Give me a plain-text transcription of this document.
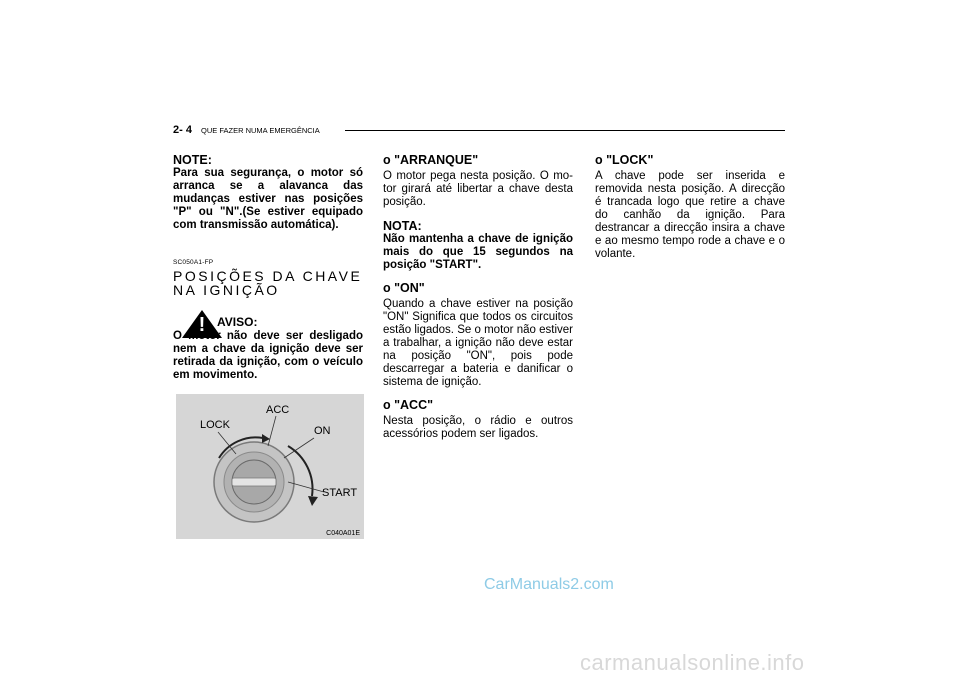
2- 4 QUE FAZER NUMA EMERGÊNCIA
NOTE:
Para sua segurança, o motor só arranca se a alavanca das mudanças estiver nas posições "P" ou "N".(Se estiver equipado com transmissão automática).
SC050A1-FP
POSIÇÕES DA CHAVE NA IGNIÇÃO
! AVISO:
O motor não deve ser desligado nem a chave da ignição deve ser retirada da ignição, com o veículo em movimento.
LOCK
ACC
ON
START
C040A01E
o "ARRANQUE"
O motor pega nesta posição. O mo- tor girará até libertar a chave desta posição.
NOTA:
Não mantenha a chave de ignição mais do que 15 segundos na posição "START".
o "ON"
Quando a chave estiver na posição "ON" Significa que todos os circuitos estão ligados. Se o motor não estiver a trabalhar, a ignição não deve estar na posição "ON", pois pode descarregar a bateria e danificar o sistema de ignição.
o "ACC"
Nesta posição, o rádio e outros acessórios podem ser ligados.
o "LOCK"
A chave pode ser inserida e removida nesta posição. A direcção é trancada logo que retire a chave do canhão da ignição. Para destrancar a direcção insira a chave e ao mesmo tempo rode a chave e o volante.
CarManuals2.com
carmanualsonline.info
